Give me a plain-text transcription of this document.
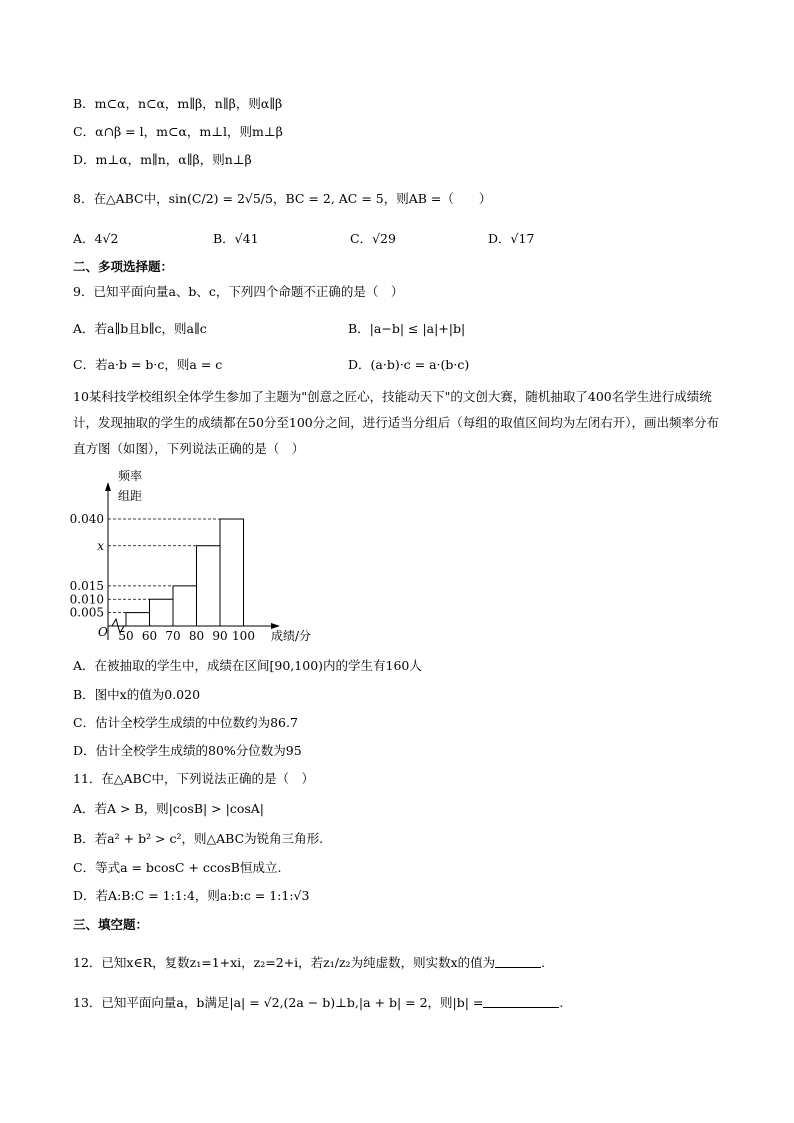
B．m⊂α，n⊂α，m∥β，n∥β，则α∥β
C．α∩β = l，m⊂α，m⊥l，则m⊥β
D．m⊥α，m∥n，α∥β，则n⊥β
8．在△ABC中，sin(C/2) = 2√5/5，BC = 2, AC = 5，则AB =（　　）
A．4√2	B．√41	C．√29	D．√17
二、多项选择题：
9．已知平面向量a、b、c，下列四个命题不正确的是（　）
A．若a∥b且b∥c，则a∥c	B．|a−b| ≤ |a|+|b|
C．若a·b = b·c，则a = c	D．(a·b)·c = a·(b·c)
10某科技学校组织全体学生参加了主题为"创意之匠心，技能动天下"的文创大赛，随机抽取了400名学生进行成绩统计，发现抽取的学生的成绩都在50分至100分之间，进行适当分组后（每组的取值区间均为左闭右开），画出频率分布直方图（如图），下列说法正确的是（　）
频率
组距
O
0.040
x
0.015
0.010
0.005
50 60 70 80 90 100 成绩/分
A．在被抽取的学生中，成绩在区间[90,100)内的学生有160人
B．图中x的值为0.020
C．估计全校学生成绩的中位数约为86.7
D．估计全校学生成绩的80%分位数为95
11．在△ABC中，下列说法正确的是（　）
A．若A > B，则|cosB| > |cosA|
B．若a² + b² > c²，则△ABC为锐角三角形.
C．等式a = bcosC + ccosB恒成立.
D．若A:B:C = 1:1:4，则a:b:c = 1:1:√3
三、填空题：
12．已知x∈R，复数z₁=1+xi，z₂=2+i，若z₁/z₂为纯虚数，则实数x的值为	.
13．已知平面向量a，b满足|a| = √2,(2a − b)⊥b,|a + b| = 2，则|b| =	.
